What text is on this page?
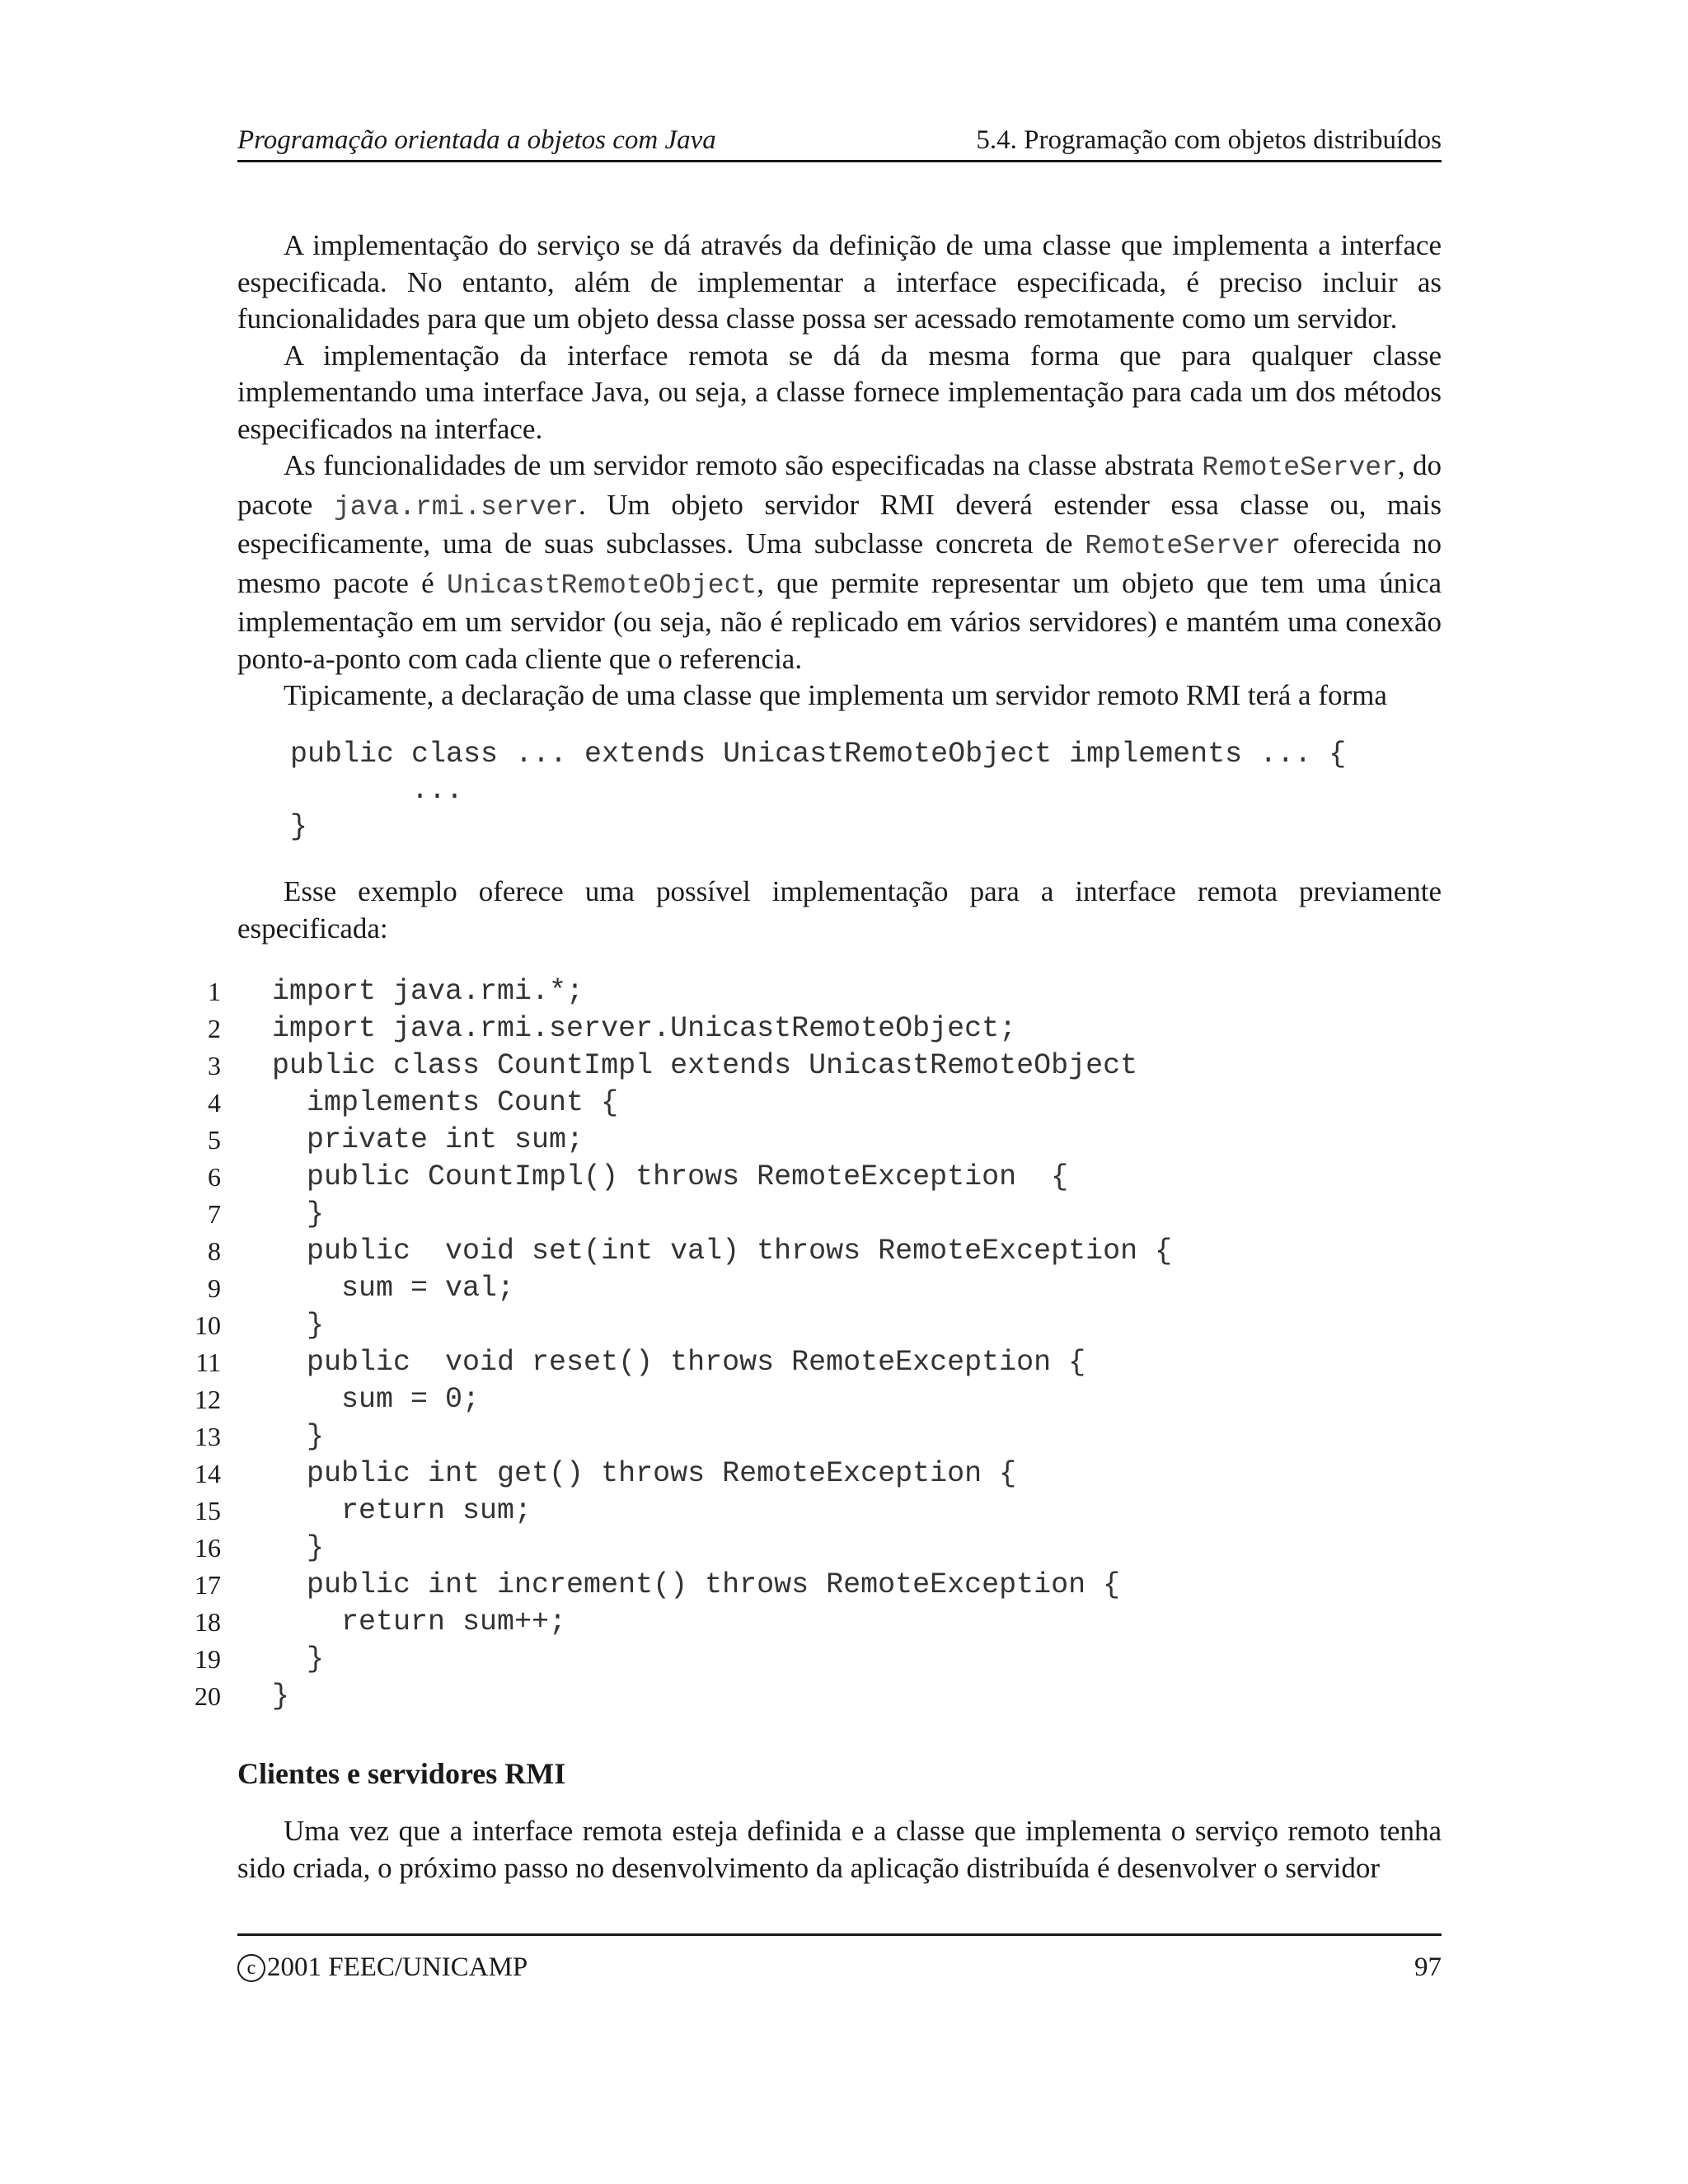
Programação orientada a objetos com Java	5.4. Programação com objetos distribuídos

A implementação do serviço se dá através da definição de uma classe que implementa a interface especificada. No entanto, além de implementar a interface especificada, é preciso incluir as funcionalidades para que um objeto dessa classe possa ser acessado remotamente como um servidor.

A implementação da interface remota se dá da mesma forma que para qualquer classe implementando uma interface Java, ou seja, a classe fornece implementação para cada um dos métodos especificados na interface.

As funcionalidades de um servidor remoto são especificadas na classe abstrata RemoteServer, do pacote java.rmi.server. Um objeto servidor RMI deverá estender essa classe ou, mais especificamente, uma de suas subclasses. Uma subclasse concreta de RemoteServer oferecida no mesmo pacote é UnicastRemoteObject, que permite representar um objeto que tem uma única implementação em um servidor (ou seja, não é replicado em vários servidores) e mantém uma conexão ponto-a-ponto com cada cliente que o referencia.

Tipicamente, a declaração de uma classe que implementa um servidor remoto RMI terá a forma

public class ... extends UnicastRemoteObject implements ... {
...
}

Esse exemplo oferece uma possível implementação para a interface remota previamente especificada:

1 import java.rmi.*;
2 import java.rmi.server.UnicastRemoteObject;
3 public class CountImpl extends UnicastRemoteObject
4 implements Count {
5 private int sum;
6 public CountImpl() throws RemoteException  {
7 }
8 public  void set(int val) throws RemoteException {
9 sum = val;
10 }
11 public  void reset() throws RemoteException {
12 sum = 0;
13 }
14 public int get() throws RemoteException {
15 return sum;
16 }
17 public int increment() throws RemoteException {
18 return sum++;
19 }
20 }
Clientes e servidores RMI

Uma vez que a interface remota esteja definida e a classe que implementa o serviço remoto tenha sido criada, o próximo passo no desenvolvimento da aplicação distribuída é desenvolver o servidor

c 2001 FEEC/UNICAMP	97
